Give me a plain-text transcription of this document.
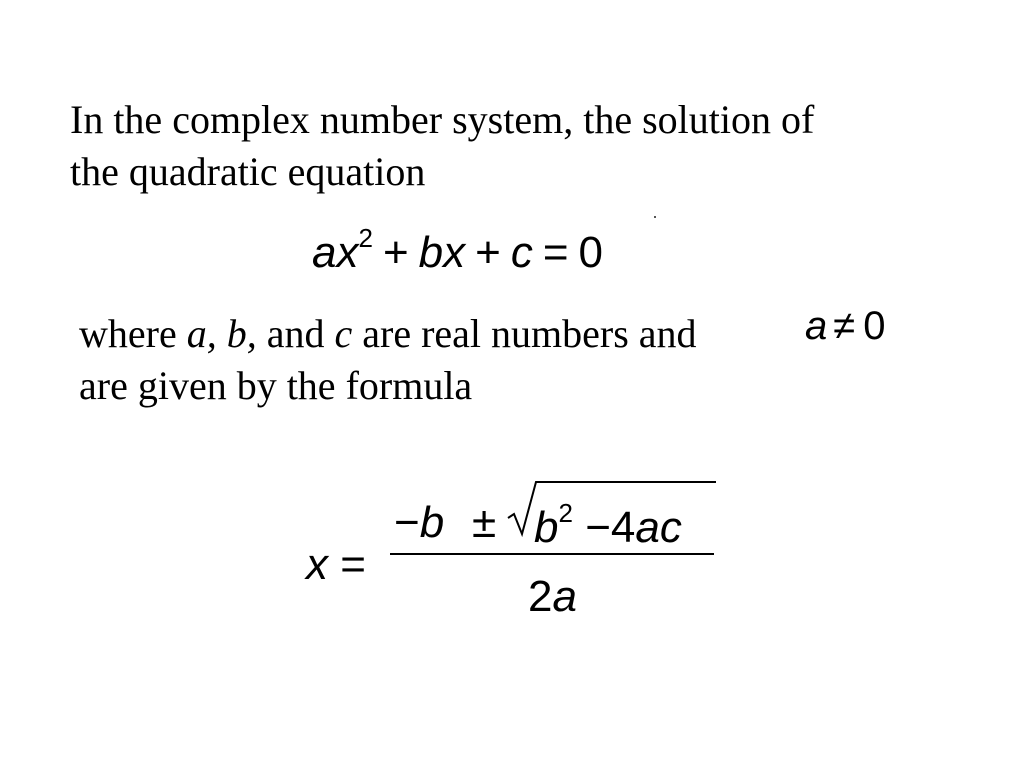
In the complex number system, the solution of
the quadratic equation
$ax^2$ + bx + c = 0
where a, b, and c are real numbers and
are given by the formula
a ≠ 0
x =
$-b \pm b^2 -4ac$
2a
